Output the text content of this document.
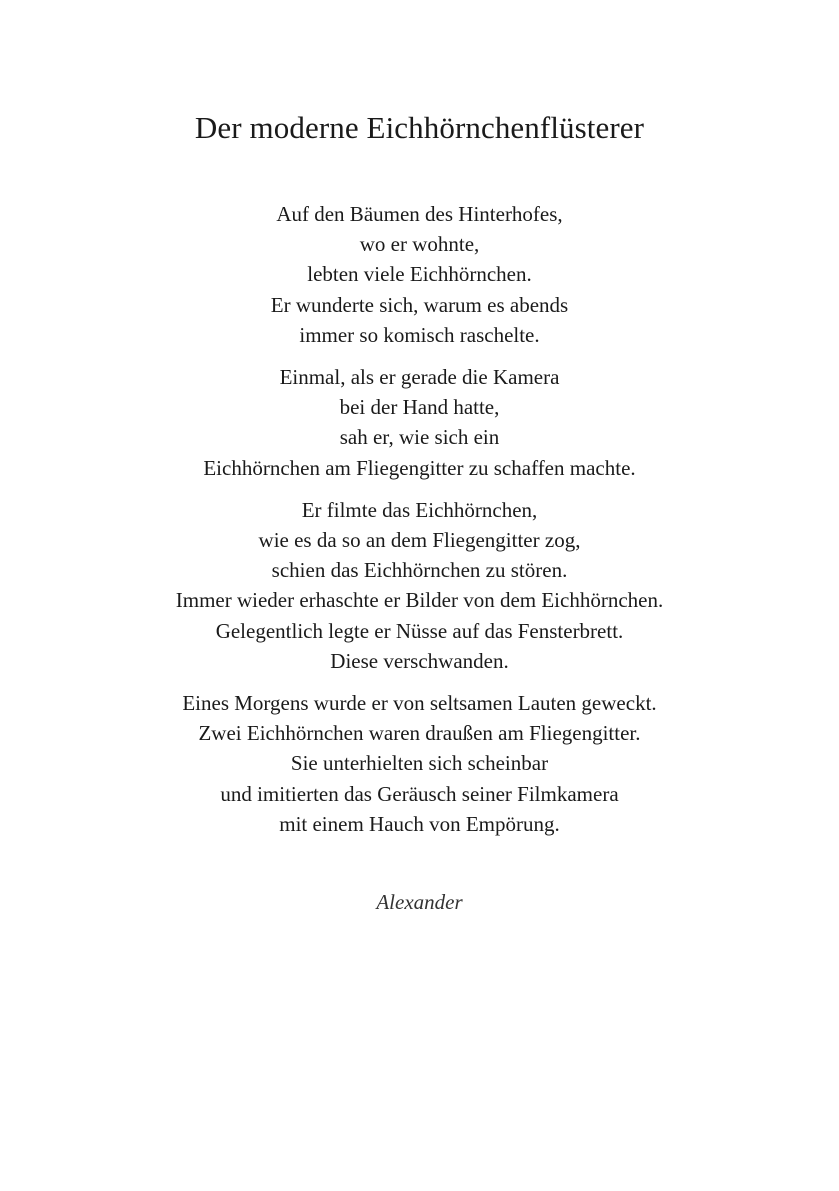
Der moderne Eichhörnchenflüsterer
Auf den Bäumen des Hinterhofes,
wo er wohnte,
lebten viele Eichhörnchen.
Er wunderte sich, warum es abends
immer so komisch raschelte.
Einmal, als er gerade die Kamera
bei der Hand hatte,
sah er, wie sich ein
Eichhörnchen am Fliegengitter zu schaffen machte.
Er filmte das Eichhörnchen,
wie es da so an dem Fliegengitter zog,
schien das Eichhörnchen zu stören.
Immer wieder erhaschte er Bilder von dem Eichhörnchen.
Gelegentlich legte er Nüsse auf das Fensterbrett.
Diese verschwanden.
Eines Morgens wurde er von seltsamen Lauten geweckt.
Zwei Eichhörnchen waren draußen am Fliegengitter.
Sie unterhielten sich scheinbar
und imitierten das Geräusch seiner Filmkamera
mit einem Hauch von Empörung.
Alexander
